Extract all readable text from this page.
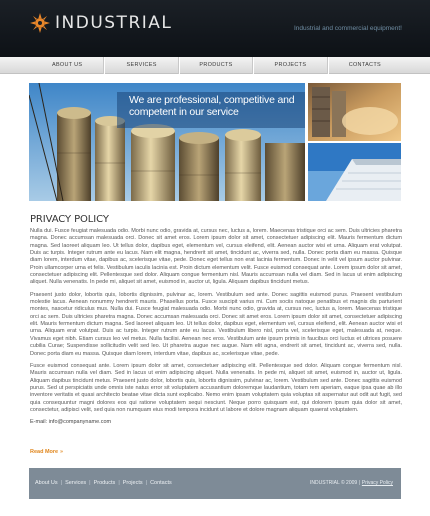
INDUSTRIAL	Industrial and commercial equipment!
ABOUT US	SERVICES	PRODUCTS	PROJECTS	CONTACTS
We are professional, competitive and
competent in our service
PRIVACY POLICY

Nulla dui. Fusce feugiat malesuada odio. Morbi nunc odio, gravida at, cursus nec, luctus a, lorem. Maecenas tristique orci ac sem. Duis ultricies pharetra magna. Donec accumsan malesuada orci. Donec sit amet eros. Lorem ipsum dolor sit amet, consectetuer adipiscing elit. Mauris fermentum dictum magna. Sed laoreet aliquam leo. Ut tellus dolor, dapibus eget, elementum vel, cursus eleifend, elit. Aenean auctor wisi et urna. Aliquam erat volutpat. Duis ac turpis. Integer rutrum ante eu lacus. Nam elit magna, hendrerit sit amet, tincidunt ac, viverra sed, nulla. Donec porta diam eu massa. Quisque diam lorem, interdum vitae, dapibus ac, scelerisque vitae, pede. Donec eget tellus non erat lacinia fermentum. Donec in velit vel ipsum auctor pulvinar. Proin ullamcorper urna et felis. Vestibulum iaculis lacinia est. Proin dictum elementum velit. Fusce euismod consequat ante. Lorem ipsum dolor sit amet, consectetuer adipiscing elit. Pellentesque sed dolor. Aliquam congue fermentum nisl. Mauris accumsan nulla vel diam. Sed in lacus ut enim adipiscing aliquet. Nulla venenatis. In pede mi, aliquet sit amet, euismod in, auctor ut, ligula. Aliquam dapibus tincidunt metus.

Praesent justo dolor, lobortis quis, lobortis dignissim, pulvinar ac, lorem. Vestibulum sed ante. Donec sagittis euismod purus. Praesent vestibulum molestie lacus. Aenean nonummy hendrerit mauris. Phasellus porta. Fusce suscipit varius mi. Cum sociis natoque penatibus et magnis dis parturient montes, nascetur ridiculus mus. Nulla dui. Fusce feugiat malesuada odio. Morbi nunc odio, gravida at, cursus nec, luctus a, lorem. Maecenas tristique orci ac sem. Duis ultricies pharetra magna. Donec accumsan malesuada orci. Donec sit amet eros. Lorem ipsum dolor sit amet, consectetuer adipiscing elit. Mauris fermentum dictum magna. Sed laoreet aliquam leo. Ut tellus dolor, dapibus eget, elementum vel, cursus eleifend, elit. Aenean auctor wisi et urna. Aliquam erat volutpat. Duis ac turpis. Integer rutrum ante eu lacus. Vestibulum libero nisl, porta vel, scelerisque eget, malesuada at, neque. Vivamus eget nibh. Etiam cursus leo vel metus. Nulla facilisi. Aenean nec eros. Vestibulum ante ipsum primis in faucibus orci luctus et ultrices posuere cubilia Curae; Suspendisse sollicitudin velit sed leo. Ut pharetra augue nec augue. Nam elit agna, endrerit sit amet, tincidunt ac, viverra sed, nulla. Donec porta diam eu massa. Quisque diam lorem, interdum vitae, dapibus ac, scelerisque vitae, pede.

Fusce euismod consequat ante. Lorem ipsum dolor sit amet, consectetuer adipiscing elit. Pellentesque sed dolor. Aliquam congue fermentum nisl. Mauris accumsan nulla vel diam. Sed in lacus ut enim adipiscing aliquet. Nulla venenatis. In pede mi, aliquet sit amet, euismod in, auctor ut, ligula. Aliquam dapibus tincidunt metus. Praesent justo dolor, lobortis quis, lobortis dignissim, pulvinar ac, lorem. Vestibulum sed ante. Donec sagittis euismod purus. Sed ut perspiciatis unde omnis iste natus error sit voluptatem accusantium doloremque laudantium, totam rem aperiam, eaque ipsa quae ab illo inventore veritatis et quasi architecto beatae vitae dicta sunt explicabo. Nemo enim ipsam voluptatem quia voluptas sit aspernatur aut odit aut fugit, sed quia consequuntur magni dolores eos qui ratione voluptatem sequi nesciunt. Neque porro quisquam est, qui dolorem ipsum quia dolor sit amet, consectetur, adipisci velit, sed quia non numquam eius modi tempora incidunt ut labore et dolore magnam aliquam quaerat voluptatem.

E-mail: info@companyname.com
Read More »
About Us | Services | Products | Projects | Contacts	INDUSTRIAL © 2009 | Privacy Policy
